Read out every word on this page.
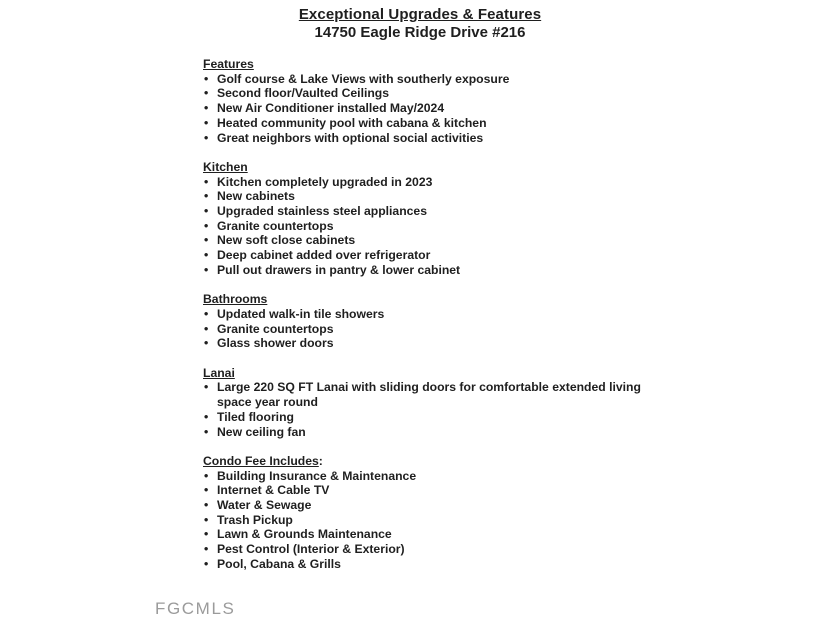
Exceptional Upgrades & Features
14750 Eagle Ridge Drive #216
Features
• Golf course & Lake Views with southerly exposure
• Second floor/Vaulted Ceilings
• New Air Conditioner installed May/2024
• Heated community pool with cabana & kitchen
• Great neighbors with optional social activities
Kitchen
• Kitchen completely upgraded in 2023
• New cabinets
• Upgraded stainless steel appliances
• Granite countertops
• New soft close cabinets
• Deep cabinet added over refrigerator
• Pull out drawers in pantry & lower cabinet
Bathrooms
• Updated walk-in tile showers
• Granite countertops
• Glass shower doors
Lanai
• Large 220 SQ FT Lanai with sliding doors for comfortable extended living space year round
• Tiled flooring
• New ceiling fan
Condo Fee Includes:
• Building Insurance & Maintenance
• Internet & Cable TV
• Water & Sewage
• Trash Pickup
• Lawn & Grounds Maintenance
• Pest Control (Interior & Exterior)
• Pool, Cabana & Grills
FGCMLS
